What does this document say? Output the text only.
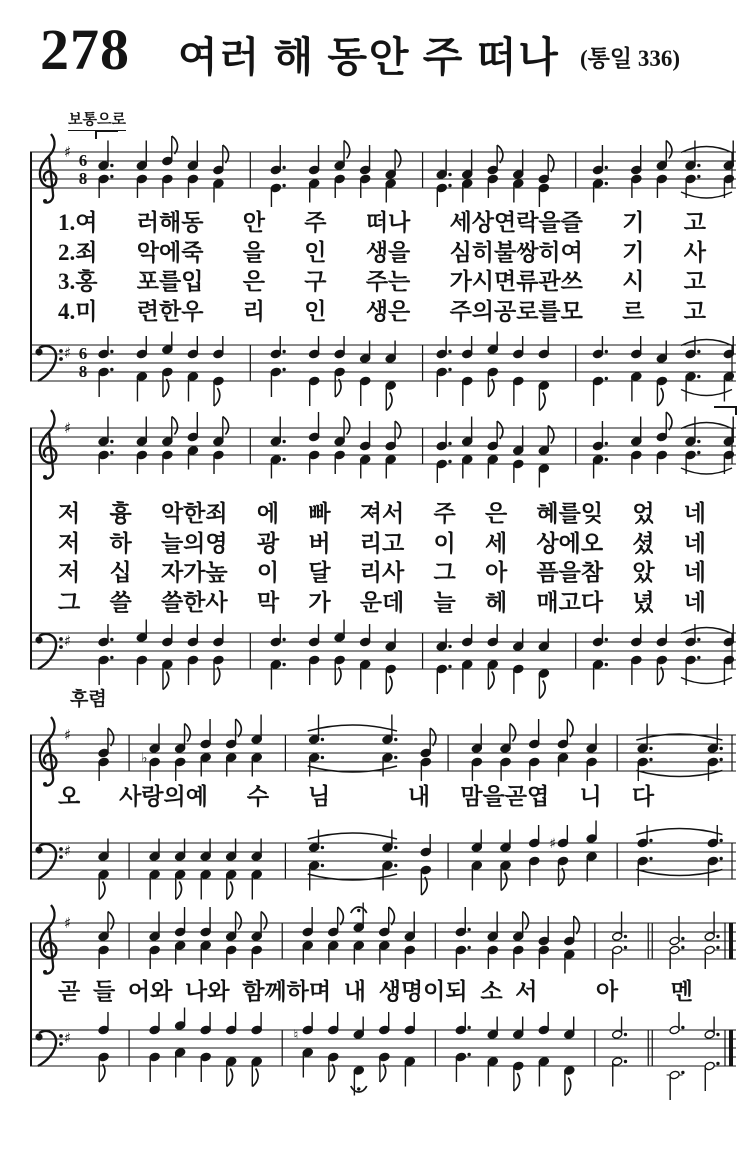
278 여러 해 동안 주 떠나 (통일 336)
보통으로
♯ 6
8
1.여 러해동 안 주 떠나 세상연락을즐 기 고
2.죄 악에죽 을 인 생을 심히불쌍히여 기 사
3.홍 포를입 은 구 주는 가시면류관쓰 시 고
4.미 련한우 리 인 생은 주의공로를모 르 고
♯ 6
8
♯
저 흉 악한죄 에 빠 져서 주 은 혜를잊 었 네
저 하 늘의영 광 버 리고 이 세 상에오 셨 네
저 십 자가높 이 달 리사 그 아 픔을참 았 네
그 쓸 쓸한사 막 가 운데 늘 헤 매고다 녔 네
♯
후렴
♯
♭
오 사랑의예 수 님	내 맘을곧엽 니 다
♯	♯
♯
곧 들 어와 나와 함께하며 내 생명이되 소 서	아 멘
♯	♮
